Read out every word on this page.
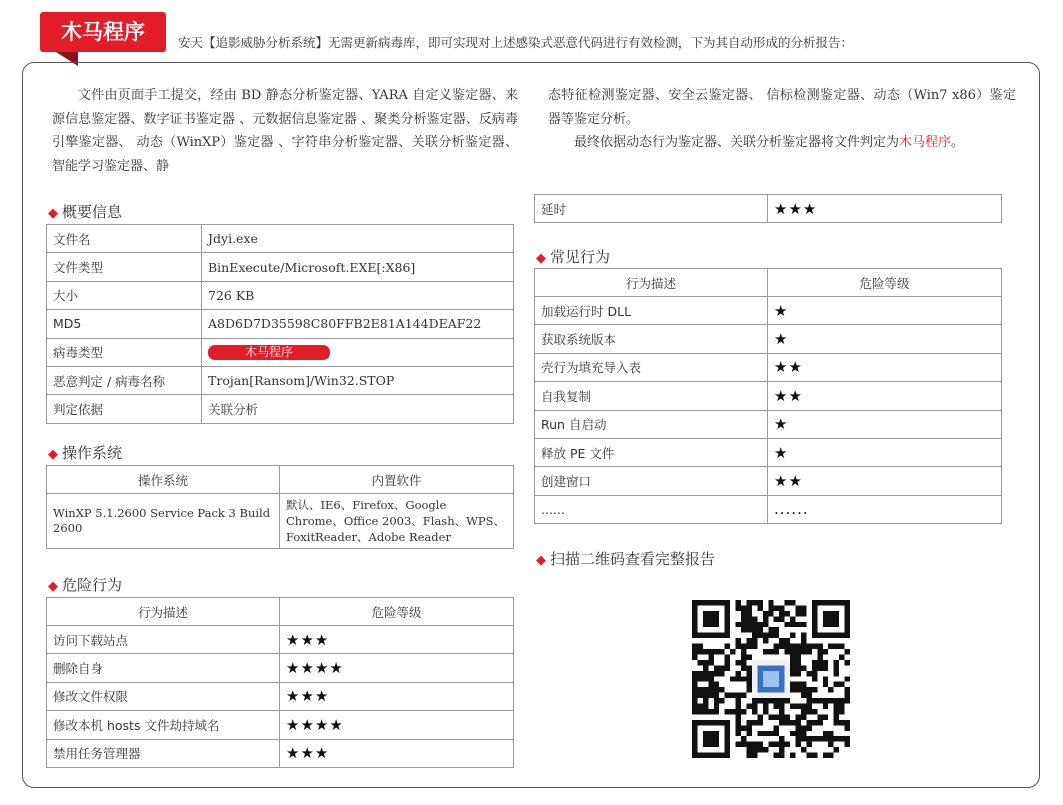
木马程序	安天【追影威胁分析系统】无需更新病毒库，即可实现对上述感染式恶意代码进行有效检测，下为其自动形成的分析报告：

文件由页面手工提交，经由 BD 静态分析鉴定器、YARA 自定义鉴定器、来源信息鉴定器、数字证书鉴定器 、元数据信息鉴定器 、聚类分析鉴定器、反病毒引擎鉴定器、 动态（WinXP）鉴定器 、字符串分析鉴定器、关联分析鉴定器、智能学习鉴定器、静

态特征检测鉴定器、安全云鉴定器、 信标检测鉴定器、动态（Win7 x86）鉴定器等鉴定分析。

最终依据动态行为鉴定器、关联分析鉴定器将文件判定为木马程序。

◆ 概要信息
文件名	Jdyi.exe
文件类型	BinExecute/Microsoft.EXE[:X86]
大小	726 KB
MD5	A8D6D7D35598C80FFB2E81A144DEAF22
病毒类型	木马程序
恶意判定 / 病毒名称	Trojan[Ransom]/Win32.STOP
判定依据	关联分析
◆ 操作系统
操作系统	内置软件
WinXP 5.1.2600 Service Pack 3 Build 2600	默认、IE6、Firefox、Google Chrome、Office 2003、Flash、WPS、FoxitReader、Adobe Reader
◆ 危险行为
行为描述	危险等级
访问下载站点	★★★
删除自身	★★★★
修改文件权限	★★★
修改本机 hosts 文件劫持域名	★★★★
禁用任务管理器	★★★
延时	★★★
◆ 常见行为
行为描述	危险等级
加载运行时 DLL	★
获取系统版本	★
壳行为填充导入表	★★
自我复制	★★
Run 自启动	★
释放 PE 文件	★
创建窗口	★★
......	......
◆ 扫描二维码查看完整报告
